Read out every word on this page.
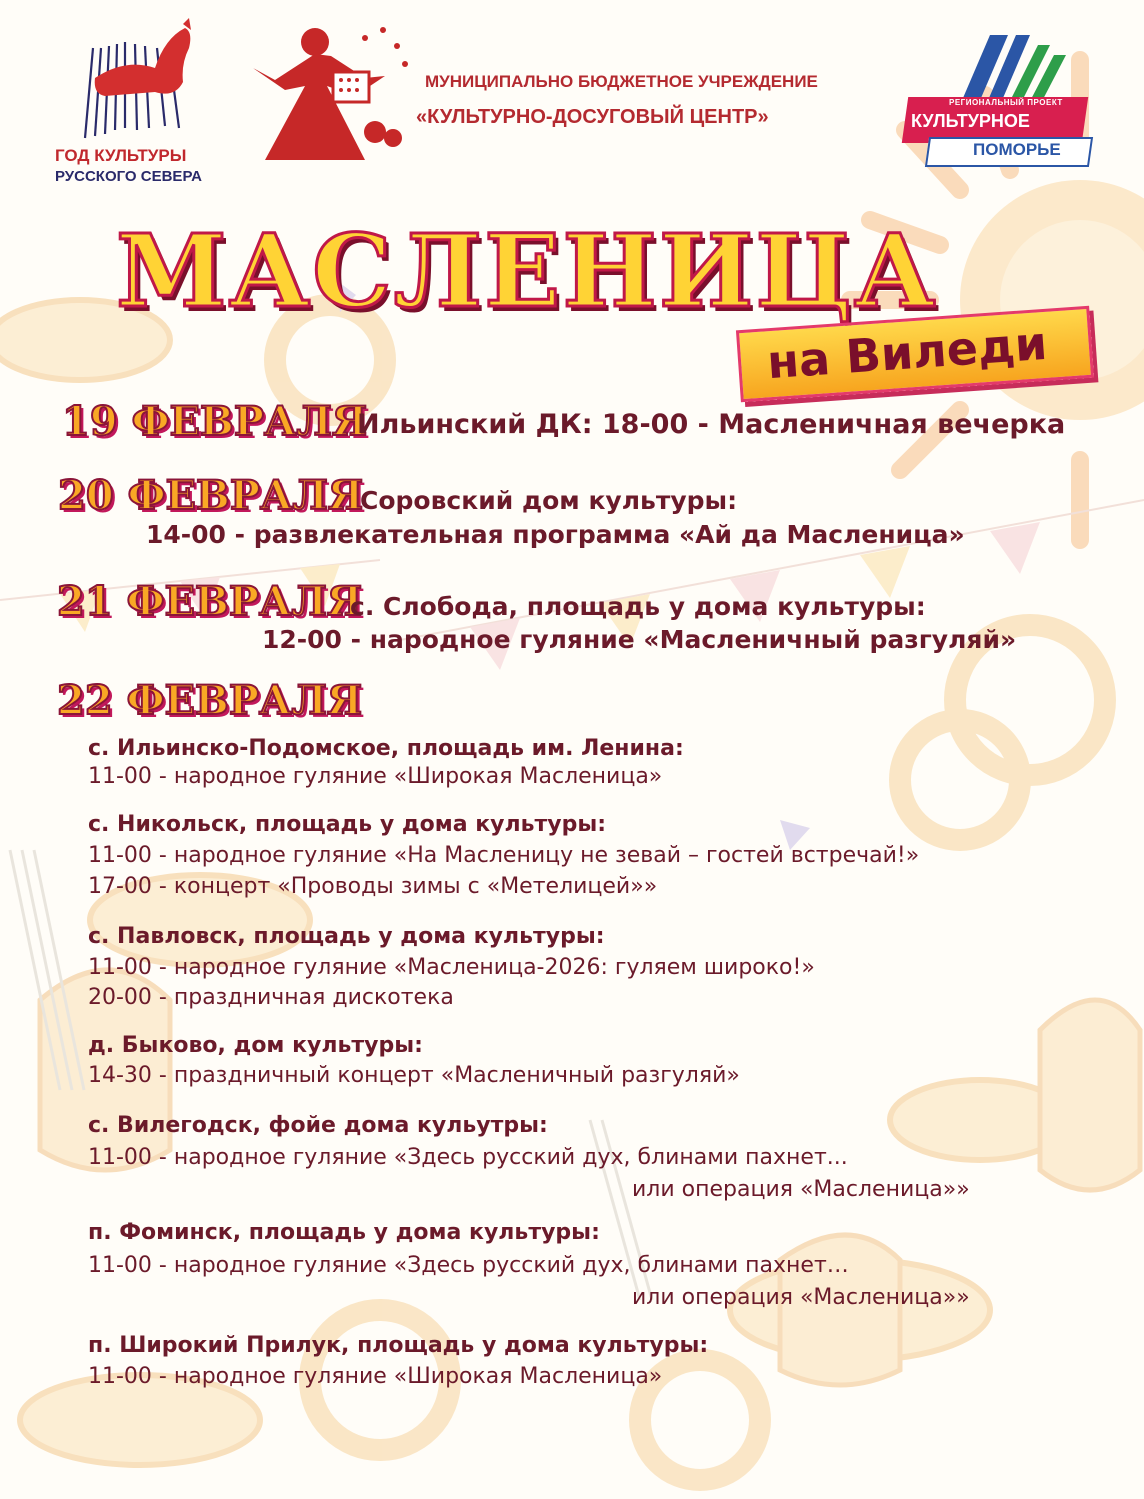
ГОД КУЛЬТУРЫ
РУССКОГО СЕВЕРА
МУНИЦИПАЛЬНО БЮДЖЕТНОЕ УЧРЕЖДЕНИЕ
«КУЛЬТУРНО-ДОСУГОВЫЙ ЦЕНТР»
РЕГИОНАЛЬНЫЙ ПРОЕКТ
КУЛЬТУРНОЕ
ПОМОРЬЕ
МАСЛЕНИЦА
на Виледи
19 ФЕВРАЛЯ
Ильинский ДК: 18-00 - Масленичная вечерка
20 ФЕВРАЛЯ
Соровский дом культуры:
14-00 - развлекательная программа «Ай да Масленица»
21 ФЕВРАЛЯ
с. Слобода, площадь у дома культуры:
12-00 - народное гуляние «Масленичный разгуляй»
22 ФЕВРАЛЯ
с. Ильинско-Подомское, площадь им. Ленина:
11-00 - народное гуляние «Широкая Масленица»
с. Никольск, площадь у дома культуры:
11-00 - народное гуляние «На Масленицу не зевай – гостей встречай!»
17-00 - концерт «Проводы зимы с «Метелицей»»
с. Павловск, площадь у дома культуры:
11-00 - народное гуляние «Масленица-2026: гуляем широко!»
20-00 - праздничная дискотека
д. Быково, дом культуры:
14-30 - праздничный концерт «Масленичный разгуляй»
с. Вилегодск, фойе дома кульутры:
11-00 - народное гуляние «Здесь русский дух, блинами пахнет...
или операция «Масленица»»
п. Фоминск, площадь у дома культуры:
11-00 - народное гуляние «Здесь русский дух, блинами пахнет…
или операция «Масленица»»
п. Широкий Прилук, площадь у дома культуры:
11-00 - народное гуляние «Широкая Масленица»
